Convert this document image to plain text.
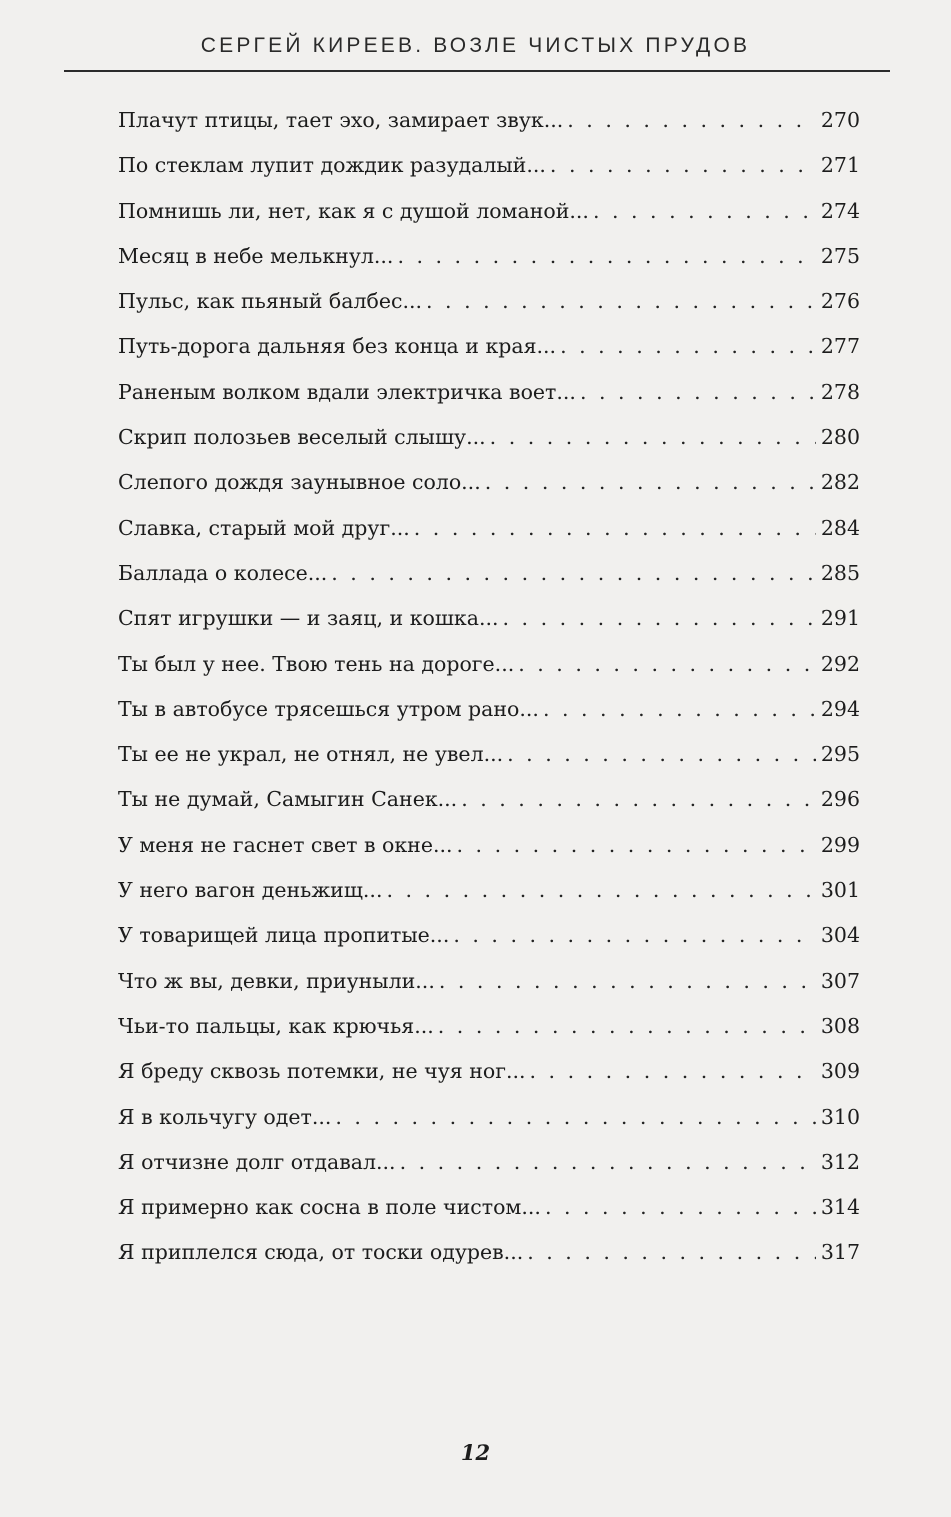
СЕРГЕЙ КИРЕЕВ. ВОЗЛЕ ЧИСТЫХ ПРУДОВ
Плачут птицы, тает эхо, замирает звук... . . .	270
По стеклам лупит дождик разудалый... . . .	271
Помнишь ли, нет, как я с душой ломаной... . . .	274
Месяц в небе мелькнул... . . .	275
Пульс, как пьяный балбес... . . .	276
Путь-дорога дальняя без конца и края... . . .	277
Раненым волком вдали электричка воет... . . .	278
Скрип полозьев веселый слышу... . . .	280
Слепого дождя заунывное соло... . . .	282
Славка, старый мой друг... . . .	284
Баллада о колесе... . . .	285
Спят игрушки — и заяц, и кошка... . . .	291
Ты был у нее. Твою тень на дороге... . . .	292
Ты в автобусе трясешься утром рано... . . .	294
Ты ее не украл, не отнял, не увел... . . .	295
Ты не думай, Самыгин Санек... . . .	296
У меня не гаснет свет в окне... . . .	299
У него вагон деньжищ... . . .	301
У товарищей лица пропитые... . . .	304
Что ж вы, девки, приуныли... . . .	307
Чьи-то пальцы, как крючья... . . .	308
Я бреду сквозь потемки, не чуя ног... . . .	309
Я в кольчугу одет... . . .	310
Я отчизне долг отдавал... . . .	312
Я примерно как сосна в поле чистом... . . .	314
Я приплелся сюда, от тоски одурев... . . .	317
12
